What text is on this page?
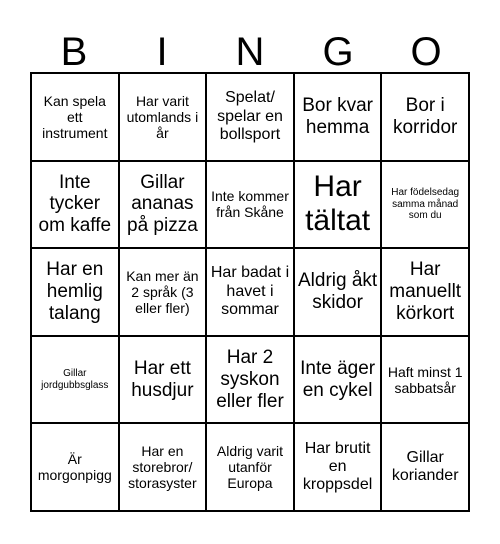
B	I	N	G	O
Kan spela ett instrument
Har varit utomlands i år
Spelat/ spelar en bollsport
Bor kvar hemma
Bor i korridor
Inte tycker om kaffe
Gillar ananas på pizza
Inte kommer från Skåne
Har tältat
Har födelsedag samma månad som du
Har en hemlig talang
Kan mer än 2 språk (3 eller fler)
Har badat i havet i sommar
Aldrig åkt skidor
Har manuellt körkort
Gillar jordgubbsglass
Har ett husdjur
Har 2 syskon eller fler
Inte äger en cykel
Haft minst 1 sabbatsår
Är morgonpigg
Har en storebror/ storasyster
Aldrig varit utanför Europa
Har brutit en kroppsdel
Gillar koriander
